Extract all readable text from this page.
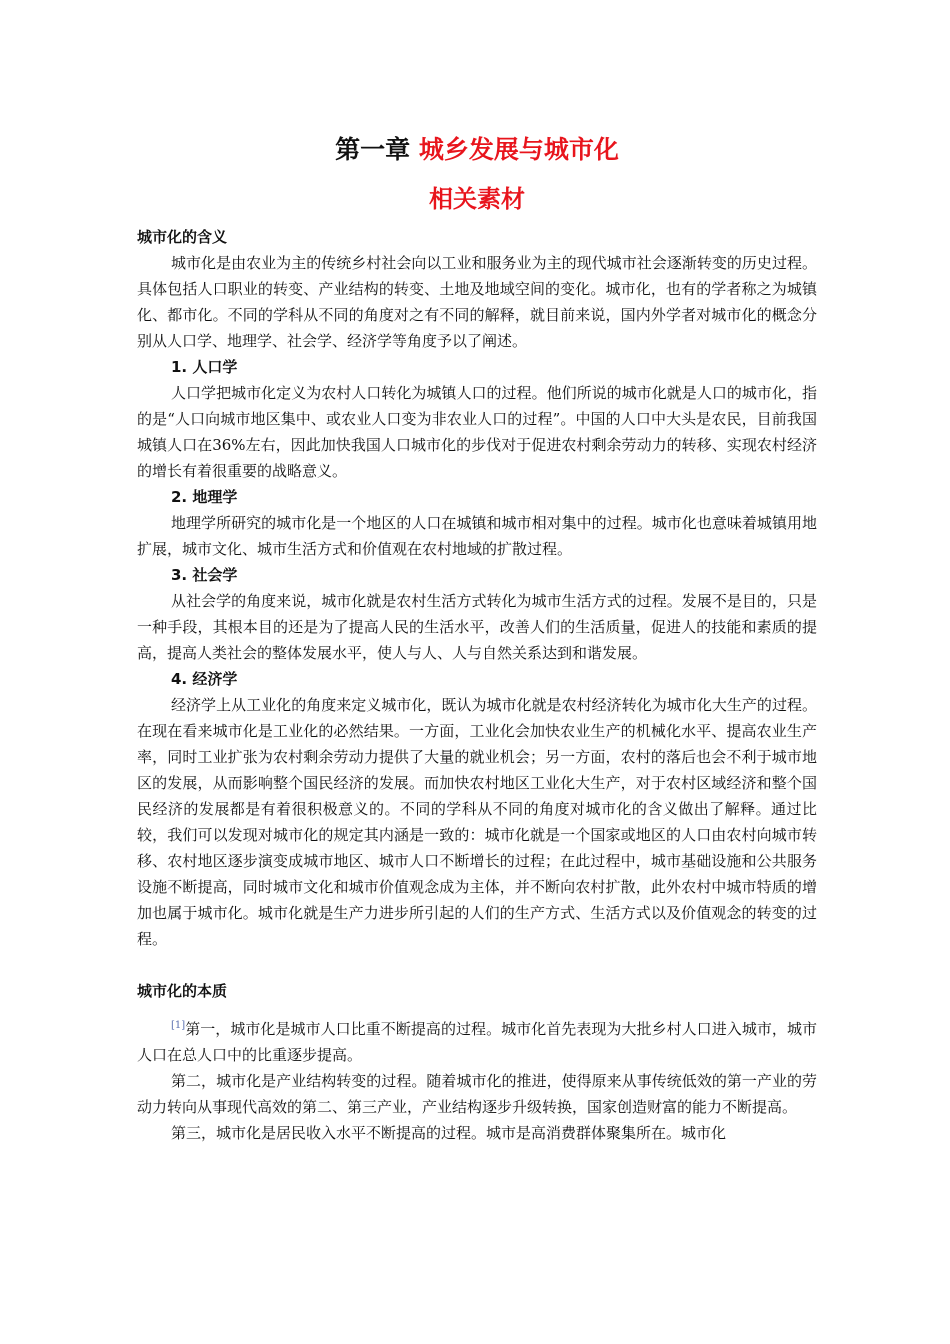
第一章 城乡发展与城市化

相关素材

城市化的含义

城市化是由农业为主的传统乡村社会向以工业和服务业为主的现代城市社会逐渐转变的历史过程。具体包括人口职业的转变、产业结构的转变、土地及地域空间的变化。城市化，也有的学者称之为城镇化、都市化。不同的学科从不同的角度对之有不同的解释，就目前来说，国内外学者对城市化的概念分别从人口学、地理学、社会学、经济学等角度予以了阐述。

1. 人口学

人口学把城市化定义为农村人口转化为城镇人口的过程。他们所说的城市化就是人口的城市化，指的是“人口向城市地区集中、或农业人口变为非农业人口的过程”。中国的人口中大头是农民，目前我国城镇人口在36%左右，因此加快我国人口城市化的步伐对于促进农村剩余劳动力的转移、实现农村经济的增长有着很重要的战略意义。

2. 地理学

地理学所研究的城市化是一个地区的人口在城镇和城市相对集中的过程。城市化也意味着城镇用地扩展，城市文化、城市生活方式和价值观在农村地域的扩散过程。

3. 社会学

从社会学的角度来说，城市化就是农村生活方式转化为城市生活方式的过程。发展不是目的，只是一种手段，其根本目的还是为了提高人民的生活水平，改善人们的生活质量，促进人的技能和素质的提高，提高人类社会的整体发展水平，使人与人、人与自然关系达到和谐发展。

4. 经济学

经济学上从工业化的角度来定义城市化，既认为城市化就是农村经济转化为城市化大生产的过程。在现在看来城市化是工业化的必然结果。一方面，工业化会加快农业生产的机械化水平、提高农业生产率，同时工业扩张为农村剩余劳动力提供了大量的就业机会；另一方面，农村的落后也会不利于城市地区的发展，从而影响整个国民经济的发展。而加快农村地区工业化大生产，对于农村区域经济和整个国民经济的发展都是有着很积极意义的。不同的学科从不同的角度对城市化的含义做出了解释。通过比较，我们可以发现对城市化的规定其内涵是一致的：城市化就是一个国家或地区的人口由农村向城市转移、农村地区逐步演变成城市地区、城市人口不断增长的过程；在此过程中，城市基础设施和公共服务设施不断提高，同时城市文化和城市价值观念成为主体，并不断向农村扩散，此外农村中城市特质的增加也属于城市化。城市化就是生产力进步所引起的人们的生产方式、生活方式以及价值观念的转变的过程。

城市化的本质

[1]第一，城市化是城市人口比重不断提高的过程。城市化首先表现为大批乡村人口进入城市，城市人口在总人口中的比重逐步提高。

第二，城市化是产业结构转变的过程。随着城市化的推进，使得原来从事传统低效的第一产业的劳动力转向从事现代高效的第二、第三产业，产业结构逐步升级转换，国家创造财富的能力不断提高。

第三，城市化是居民收入水平不断提高的过程。城市是高消费群体聚集所在。城市化
